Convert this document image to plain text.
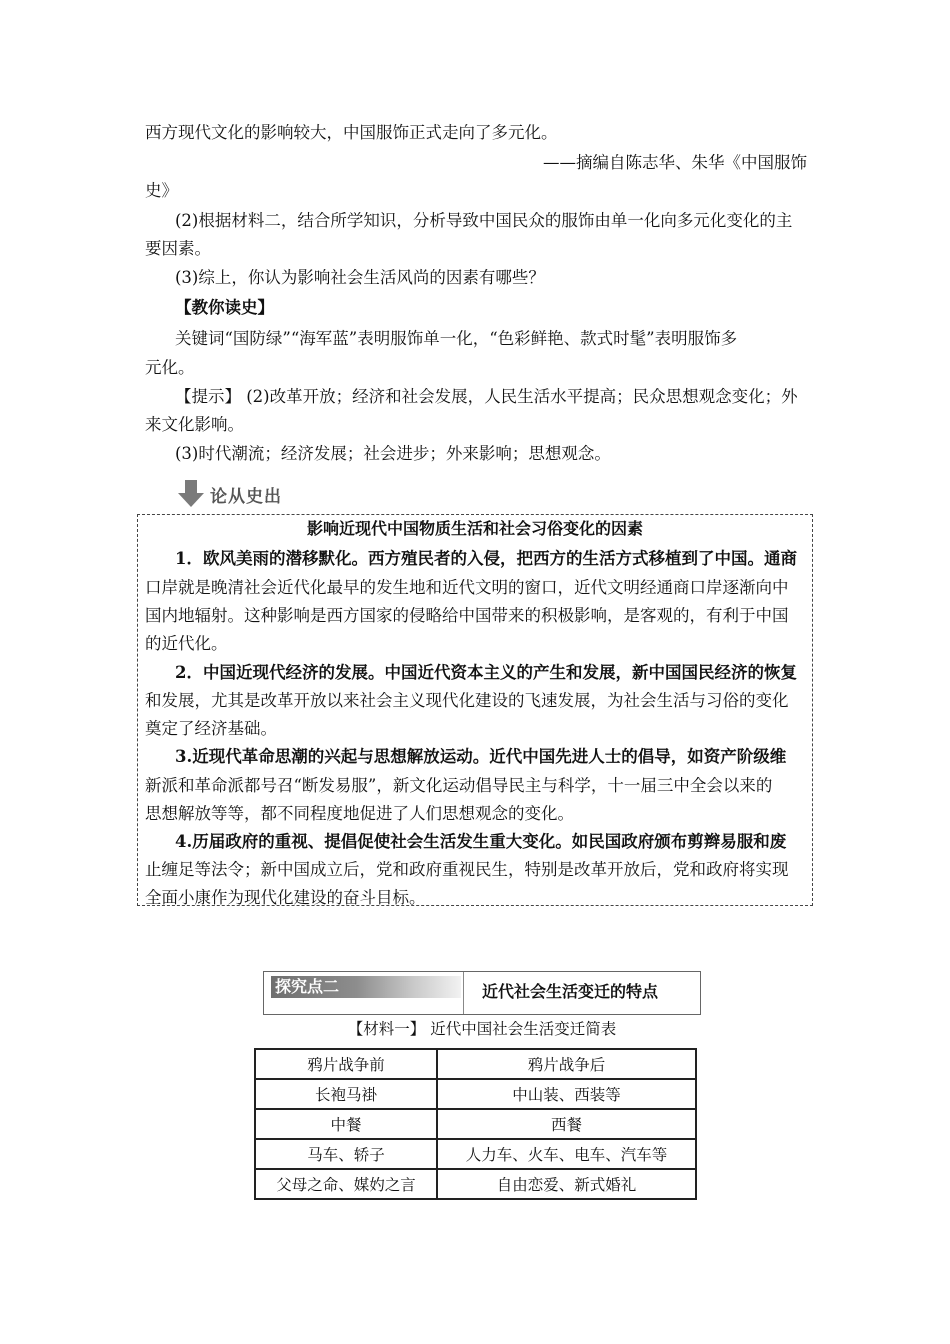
西方现代文化的影响较大，中国服饰正式走向了多元化。
——摘编自陈志华、朱华《中国服饰
史》
(2)根据材料二，结合所学知识，分析导致中国民众的服饰由单一化向多元化变化的主
要因素。
(3)综上，你认为影响社会生活风尚的因素有哪些？
【教你读史】
关键词“国防绿”“海军蓝”表明服饰单一化，“色彩鲜艳、款式时髦”表明服饰多
元化。
【提示】 (2)改革开放；经济和社会发展，人民生活水平提高；民众思想观念变化；外
来文化影响。
(3)时代潮流；经济发展；社会进步；外来影响；思想观念。
论从史出
影响近现代中国物质生活和社会习俗变化的因素
1．欧风美雨的潜移默化。西方殖民者的入侵，把西方的生活方式移植到了中国。通商
口岸就是晚清社会近代化最早的发生地和近代文明的窗口，近代文明经通商口岸逐渐向中
国内地辐射。这种影响是西方国家的侵略给中国带来的积极影响，是客观的，有利于中国
的近代化。
2．中国近现代经济的发展。中国近代资本主义的产生和发展，新中国国民经济的恢复
和发展，尤其是改革开放以来社会主义现代化建设的飞速发展，为社会生活与习俗的变化
奠定了经济基础。
3.近现代革命思潮的兴起与思想解放运动。近代中国先进人士的倡导，如资产阶级维
新派和革命派都号召“断发易服”，新文化运动倡导民主与科学，十一届三中全会以来的
思想解放等等，都不同程度地促进了人们思想观念的变化。
4.历届政府的重视、提倡促使社会生活发生重大变化。如民国政府颁布剪辫易服和废
止缠足等法令；新中国成立后，党和政府重视民生，特别是改革开放后，党和政府将实现
全面小康作为现代化建设的奋斗目标。
探究点二	近代社会生活变迁的特点
【材料一】 近代中国社会生活变迁简表
鸦片战争前	鸦片战争后
长袍马褂	中山装、西装等
中餐	西餐
马车、轿子	人力车、火车、电车、汽车等
父母之命、媒妁之言	自由恋爱、新式婚礼
